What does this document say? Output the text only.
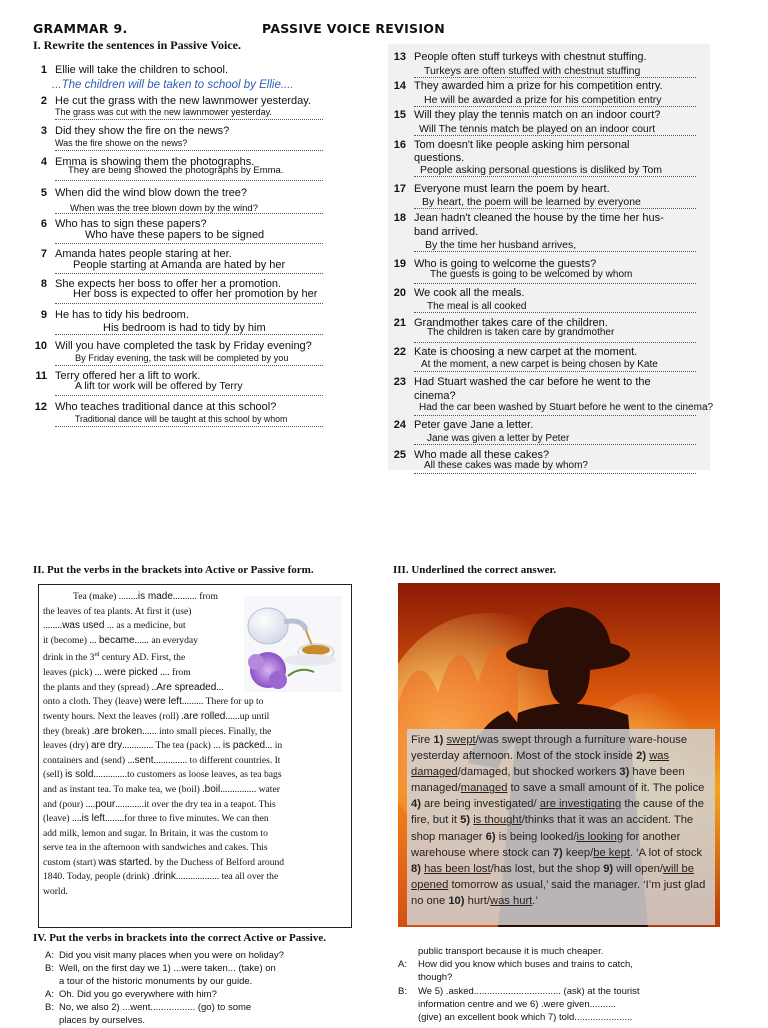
GRAMMAR 9.	PASSIVE VOICE REVISION
I. Rewrite the sentences in Passive Voice.
1 Ellie will take the children to school.
...The children will be taken to school by Ellie....
2 He cut the grass with the new lawnmower yesterday.
The grass was cut with the new lawnmower yesterday.
3 Did they show the fire on the news?
Was the fire showe on the news?
4 Emma is showing them the photographs.
They are being showed the photographs by Emma.
5 When did the wind blow down the tree?
When was the tree blown down by the wind?
6 Who has to sign these papers?
Who have these papers to be signed
7 Amanda hates people staring at her.
People starting at Amanda are hated by her
8 She expects her boss to offer her a promotion.
Her boss is expected to offer her promotion by her
9 He has to tidy his bedroom.
His bedroom is had to tidy by him
10 Will you have completed the task by Friday evening?
By Friday evening, the task will be completed by you
11 Terry offered her a lift to work.
A lift tor work will be offered by Terry
12 Who teaches traditional dance at this school?
Traditional dance will be taught at this school by whom
13 People often stuff turkeys with chestnut stuffing.
Turkeys are often stuffed with chestnut stuffing
14 They awarded him a prize for his competition entry.
He will be awarded a prize for his competition entry
15 Will they play the tennis match on an indoor court?
Will The tennis match be played on an indoor court
16 Tom doesn't like people asking him personal
questions.
People asking personal questions is disliked by Tom
17 Everyone must learn the poem by heart.
By heart, the poem will be learned by everyone
18 Jean hadn't cleaned the house by the time her hus-
band arrived.
By the time her husband arrives,
19 Who is going to welcome the guests?
The guests is going to be welcomed by whom
20 We cook all the meals.
The meal is all cooked
21 Grandmother takes care of the children.
The children is taken care by grandmother
22 Kate is choosing a new carpet at the moment.
At the moment, a new carpet is being chosen by Kate
23 Had Stuart washed the car before he went to the
cinema?
Had the car been washed by Stuart before he went to the cinema?
24 Peter gave Jane a letter.
Jane was given a letter by Peter
25 Who made all these cakes?
All these cakes was made by whom?
II. Put the verbs in the brackets into Active or Passive form.	III. Underlined the correct answer.
Tea (make) ........is made.......... from
the leaves of tea plants. At first it (use)
........was used ... as a medicine, but
it (become) ... became...... an everyday
drink in the 3rd century AD. First, the
leaves (pick) ... were picked .... from
the plants and they (spread) ..Are spreaded...
onto a cloth. They (leave) were left......... There for up to
twenty hours. Next the leaves (roll) .are rolled......up until
they (break) .are broken...... into small pieces. Finally, the
leaves (dry) are dry............. The tea (pack) ... is packed... in
containers and (send) ...sent.............. to different countries. It
(sell) is sold..............to customers as loose leaves, as tea bags
and as instant tea. To make tea, we (boil) .boil............... water
and (pour) ....pour............it over the dry tea in a teapot. This
(leave) ....is left........for three to five minutes. We can then
add milk, lemon and sugar. In Britain, it was the custom to
serve tea in the afternoon with sandwiches and cakes. This
custom (start) was started. by the Duchess of Belford around
1840. Today, people (drink) .drink.................. tea all over the
world.
Fire 1) swept/was swept through a furniture ware-house yesterday afternoon. Most of the stock inside 2) was damaged/damaged, but shocked workers 3) have been managed/managed to save a small amount of it. The police 4) are being investigated/ are investigating the cause of the fire, but it 5) is thought/thinks that it was an accident. The shop manager 6) is being looked/is looking for another warehouse where stock can 7) keep/be kept. ‘A lot of stock 8) has been lost/has lost, but the shop 9) will open/will be opened tomorrow as usual,’ said the manager. ‘I’m just glad no one 10) hurt/was hurt.’
IV. Put the verbs in brackets into the correct Active or Passive.
A: Did you visit many places when you were on holiday?
B: Well, on the first day we 1) ...were taken... (take) on
a tour of the historic monuments by our guide.
A: Oh. Did you go everywhere with him?
B: No, we also 2) ...went................. (go) to some
places by ourselves.
public transport because it is much cheaper.
A: How did you know which buses and trains to catch,
though?
B: We 5) .asked................................. (ask) at the tourist
information centre and we 6) .were given..........
(give) an excellent book which 7) told......................
